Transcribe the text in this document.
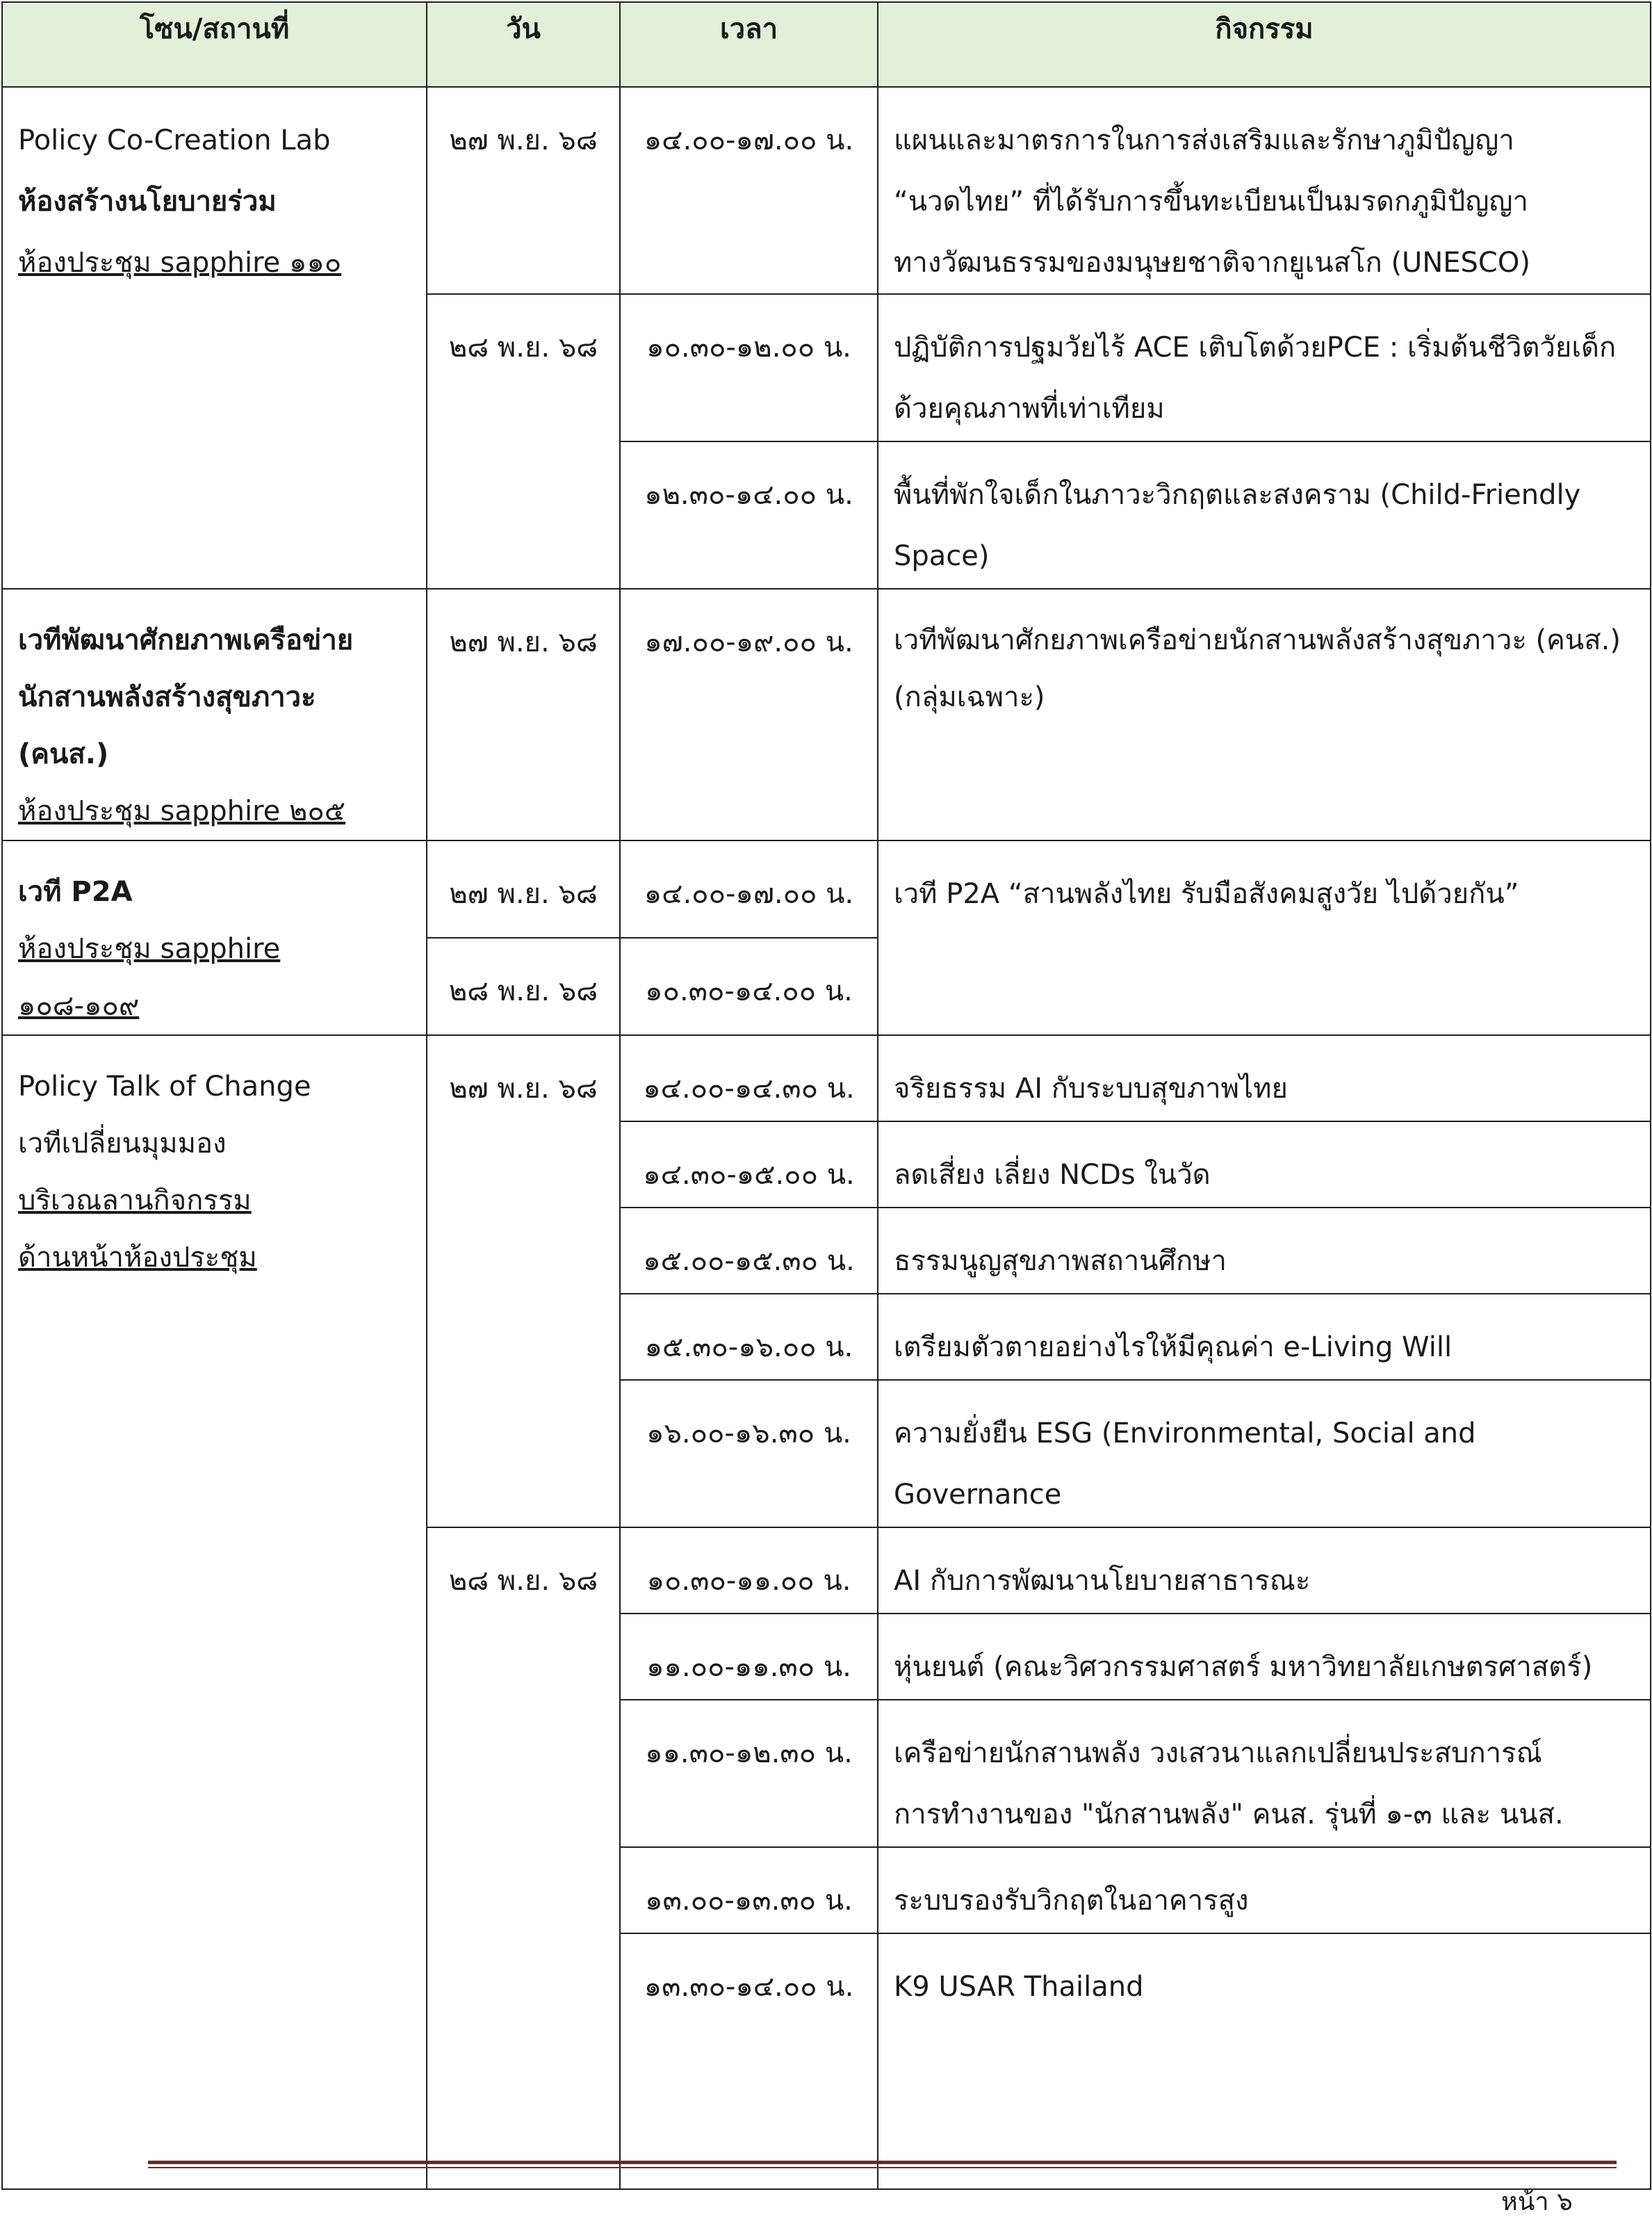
โซน/สถานที่	วัน	เวลา	กิจกรรม

Policy Co-Creation Lab
ห้องสร้างนโยบายร่วม
ห้องประชุม sapphire ๑๑๐	๒๗ พ.ย. ๖๘	๑๔.๐๐-๑๗.๐๐ น.	แผนและมาตรการในการส่งเสริมและรักษาภูมิปัญญา
“นวดไทย” ที่ได้รับการขึ้นทะเบียนเป็นมรดกภูมิปัญญา
ทางวัฒนธรรมของมนุษยชาติจากยูเนสโก (UNESCO)

	๒๘ พ.ย. ๖๘	๑๐.๓๐-๑๒.๐๐ น.	ปฏิบัติการปฐมวัยไร้ ACE เติบโตด้วยPCE : เริ่มต้นชีวิตวัยเด็ก
ด้วยคุณภาพที่เท่าเทียม

		๑๒.๓๐-๑๔.๐๐ น.	พื้นที่พักใจเด็กในภาวะวิกฤตและสงคราม (Child-Friendly
Space)

เวทีพัฒนาศักยภาพเครือข่าย
นักสานพลังสร้างสุขภาวะ
(คนส.)
ห้องประชุม sapphire ๒๐๕	๒๗ พ.ย. ๖๘	๑๗.๐๐-๑๙.๐๐ น.	เวทีพัฒนาศักยภาพเครือข่ายนักสานพลังสร้างสุขภาวะ (คนส.)
(กลุ่มเฉพาะ)

เวที P2A
ห้องประชุม sapphire
๑๐๘-๑๐๙	๒๗ พ.ย. ๖๘	๑๔.๐๐-๑๗.๐๐ น.	เวที P2A “สานพลังไทย รับมือสังคมสูงวัย ไปด้วยกัน”
	๒๘ พ.ย. ๖๘	๑๐.๓๐-๑๔.๐๐ น.	

Policy Talk of Change
เวทีเปลี่ยนมุมมอง
บริเวณลานกิจกรรม
ด้านหน้าห้องประชุม	๒๗ พ.ย. ๖๘	๑๔.๐๐-๑๔.๓๐ น.	จริยธรรม AI กับระบบสุขภาพไทย
		๑๔.๓๐-๑๕.๐๐ น.	ลดเสี่ยง เลี่ยง NCDs ในวัด
		๑๕.๐๐-๑๕.๓๐ น.	ธรรมนูญสุขภาพสถานศึกษา
		๑๕.๓๐-๑๖.๐๐ น.	เตรียมตัวตายอย่างไรให้มีคุณค่า e-Living Will
		๑๖.๐๐-๑๖.๓๐ น.	ความยั่งยืน ESG (Environmental, Social and
Governance

	๒๘ พ.ย. ๖๘	๑๐.๓๐-๑๑.๐๐ น.	AI กับการพัฒนานโยบายสาธารณะ
		๑๑.๐๐-๑๑.๓๐ น.	หุ่นยนต์ (คณะวิศวกรรมศาสตร์ มหาวิทยาลัยเกษตรศาสตร์)
		๑๑.๓๐-๑๒.๓๐ น.	เครือข่ายนักสานพลัง วงเสวนาแลกเปลี่ยนประสบการณ์
การทำงานของ "นักสานพลัง" คนส. รุ่นที่ ๑-๓ และ นนส.

		๑๓.๐๐-๑๓.๓๐ น.	ระบบรองรับวิกฤตในอาคารสูง
		๑๓.๓๐-๑๔.๐๐ น.	K9 USAR Thailand
หน้า ๖
